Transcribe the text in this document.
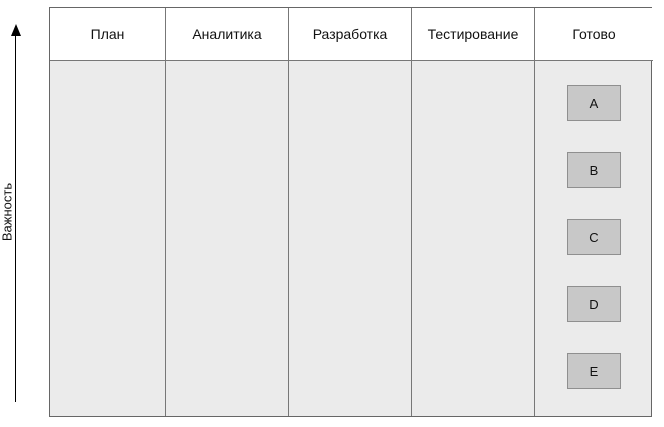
Важность
План	Аналитика	Разработка	Тестирование	Готово
A
B
C
D
E
